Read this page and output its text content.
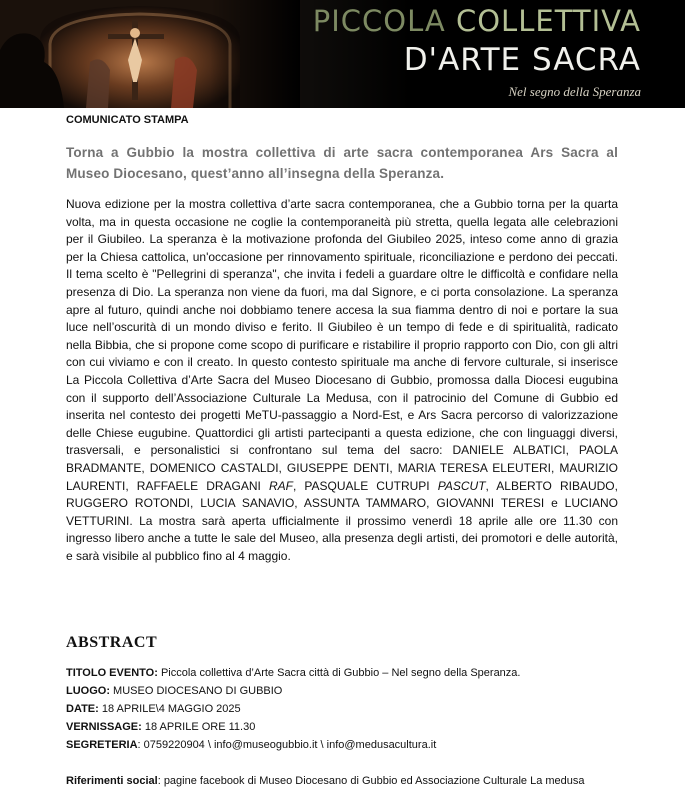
PICCOLA COLLETTIVA
D'ARTE SACRA
Nel segno della Speranza
COMUNICATO STAMPA
Torna a Gubbio la mostra collettiva di arte sacra contemporanea Ars Sacra al Museo Diocesano, quest’anno all’insegna della Speranza.
Nuova edizione per la mostra collettiva d’arte sacra contemporanea, che a Gubbio torna per la quarta volta, ma in questa occasione ne coglie la contemporaneità più stretta, quella legata alle celebrazioni per il Giubileo. La speranza è la motivazione profonda del Giubileo 2025, inteso come anno di grazia per la Chiesa cattolica, un'occasione per rinnovamento spirituale, riconciliazione e perdono dei peccati. Il tema scelto è "Pellegrini di speranza", che invita i fedeli a guardare oltre le difficoltà e confidare nella presenza di Dio. La speranza non viene da fuori, ma dal Signore, e ci porta consolazione. La speranza apre al futuro, quindi anche noi dobbiamo tenere accesa la sua fiamma dentro di noi e portare la sua luce nell’oscurità di un mondo diviso e ferito. Il Giubileo è un tempo di fede e di spiritualità, radicato nella Bibbia, che si propone come scopo di purificare e ristabilire il proprio rapporto con Dio, con gli altri con cui viviamo e con il creato. In questo contesto spirituale ma anche di fervore culturale, si inserisce La Piccola Collettiva d’Arte Sacra del Museo Diocesano di Gubbio, promossa dalla Diocesi eugubina con il supporto dell’Associazione Culturale La Medusa, con il patrocinio del Comune di Gubbio ed inserita nel contesto dei progetti MeTU-passaggio a Nord-Est, e Ars Sacra percorso di valorizzazione delle Chiese eugubine. Quattordici gli artisti partecipanti a questa edizione, che con linguaggi diversi, trasversali, e personalistici si confrontano sul tema del sacro: DANIELE ALBATICI, PAOLA BRADMANTE, DOMENICO CASTALDI, GIUSEPPE DENTI, MARIA TERESA ELEUTERI, MAURIZIO LAURENTI, RAFFAELE DRAGANI RAF, PASQUALE CUTRUPI PASCUT, ALBERTO RIBAUDO, RUGGERO ROTONDI, LUCIA SANAVIO, ASSUNTA TAMMARO, GIOVANNI TERESI e LUCIANO VETTURINI. La mostra sarà aperta ufficialmente il prossimo venerdì 18 aprile alle ore 11.30 con ingresso libero anche a tutte le sale del Museo, alla presenza degli artisti, dei promotori e delle autorità, e sarà visibile al pubblico fino al 4 maggio.
ABSTRACT
TITOLO EVENTO: Piccola collettiva d’Arte Sacra città di Gubbio – Nel segno della Speranza.
LUOGO: MUSEO DIOCESANO DI GUBBIO
DATE: 18 APRILE\4 MAGGIO 2025
VERNISSAGE: 18 APRILE ORE 11.30
SEGRETERIA: 0759220904 \ info@museogubbio.it \ info@medusacultura.it
Riferimenti social: pagine facebook di Museo Diocesano di Gubbio ed Associazione Culturale La medusa
